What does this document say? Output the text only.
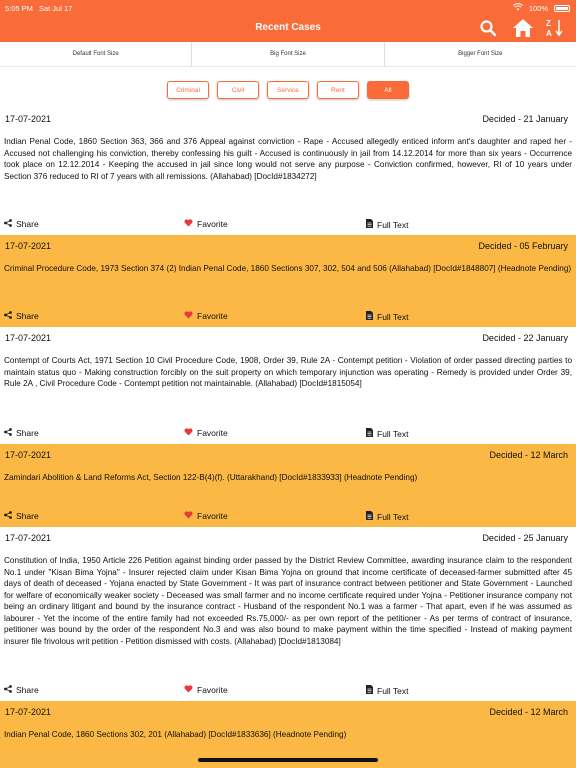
5:05 PM Sat Jul 17	100%
Recent Cases	Z
A
Default Font Size	Big Font Size	Bigger Font Size
Criminal	Civil	Service	Rent	All
17-07-2021	Decided - 21 January
Indian Penal Code, 1860 Section 363, 366 and 376 Appeal against conviction - Rape - Accused allegedly enticed inform ant's daughter and raped her - Accused not challenging his conviction, thereby confessing his guilt - Accused is continuously in jail from 14.12.2014 for more than six years - Occurrence took place on 12.12.2014 - Keeping the accused in jail since long would not serve any purpose - Conviction confirmed, however, RI of 10 years under Section 376 reduced to RI of 7 years with all remissions. (Allahabad) [DocId#1834272]
Share	Favorite	Full Text
17-07-2021	Decided - 05 February
Criminal Procedure Code, 1973 Section 374 (2) Indian Penal Code, 1860 Sections 307, 302, 504 and 506 (Allahabad) [DocId#1848807] (Headnote Pending)
Share	Favorite	Full Text
17-07-2021	Decided - 22 January
Contempt of Courts Act, 1971 Section 10 Civil Procedure Code, 1908, Order 39, Rule 2A - Contempt petition - Violation of order passed directing parties to maintain status quo - Making construction forcibly on the suit property on which temporary injunction was operating - Remedy is provided under Order 39, Rule 2A , Civil Procedure Code - Contempt petition not maintainable. (Allahabad) [DocId#1815054]
Share	Favorite	Full Text
17-07-2021	Decided - 12 March
Zamindari Abolition & Land Reforms Act, Section 122-B(4)(f). (Uttarakhand) [DocId#1833933] (Headnote Pending)
Share	Favorite	Full Text
17-07-2021	Decided - 25 January
Constitution of India, 1950 Article 226 Petition against binding order passed by the District Review Committee, awarding insurance claim to the respondent No.1 under "Kisan Bima Yojna" - Insurer rejected claim under Kisan Bima Yojna on ground that income certificate of deceased-farmer submitted after 45 days of death of deceased - Yojana enacted by State Government - It was part of insurance contract between petitioner and State Government - Launched for welfare of economically weaker society - Deceased was small farmer and no income certificate required under Yojna - Petitioner insurance company not being an ordinary litigant and bound by the insurance contract - Husband of the respondent No.1 was a farmer - That apart, even if he was assumed as labourer - Yet the income of the entire family had not exceeded Rs.75,000/- as per own report of the petitioner - As per terms of contract of insurance, petitioner was bound by the order of the respondent No.3 and was also bound to make payment within the time specified - Instead of making payment insurer file frivolous writ petition - Petition dismissed with costs. (Allahabad) [DocId#1813084]
Share	Favorite	Full Text
17-07-2021	Decided - 12 March
Indian Penal Code, 1860 Sections 302, 201 (Allahabad) [DocId#1833636] (Headnote Pending)
